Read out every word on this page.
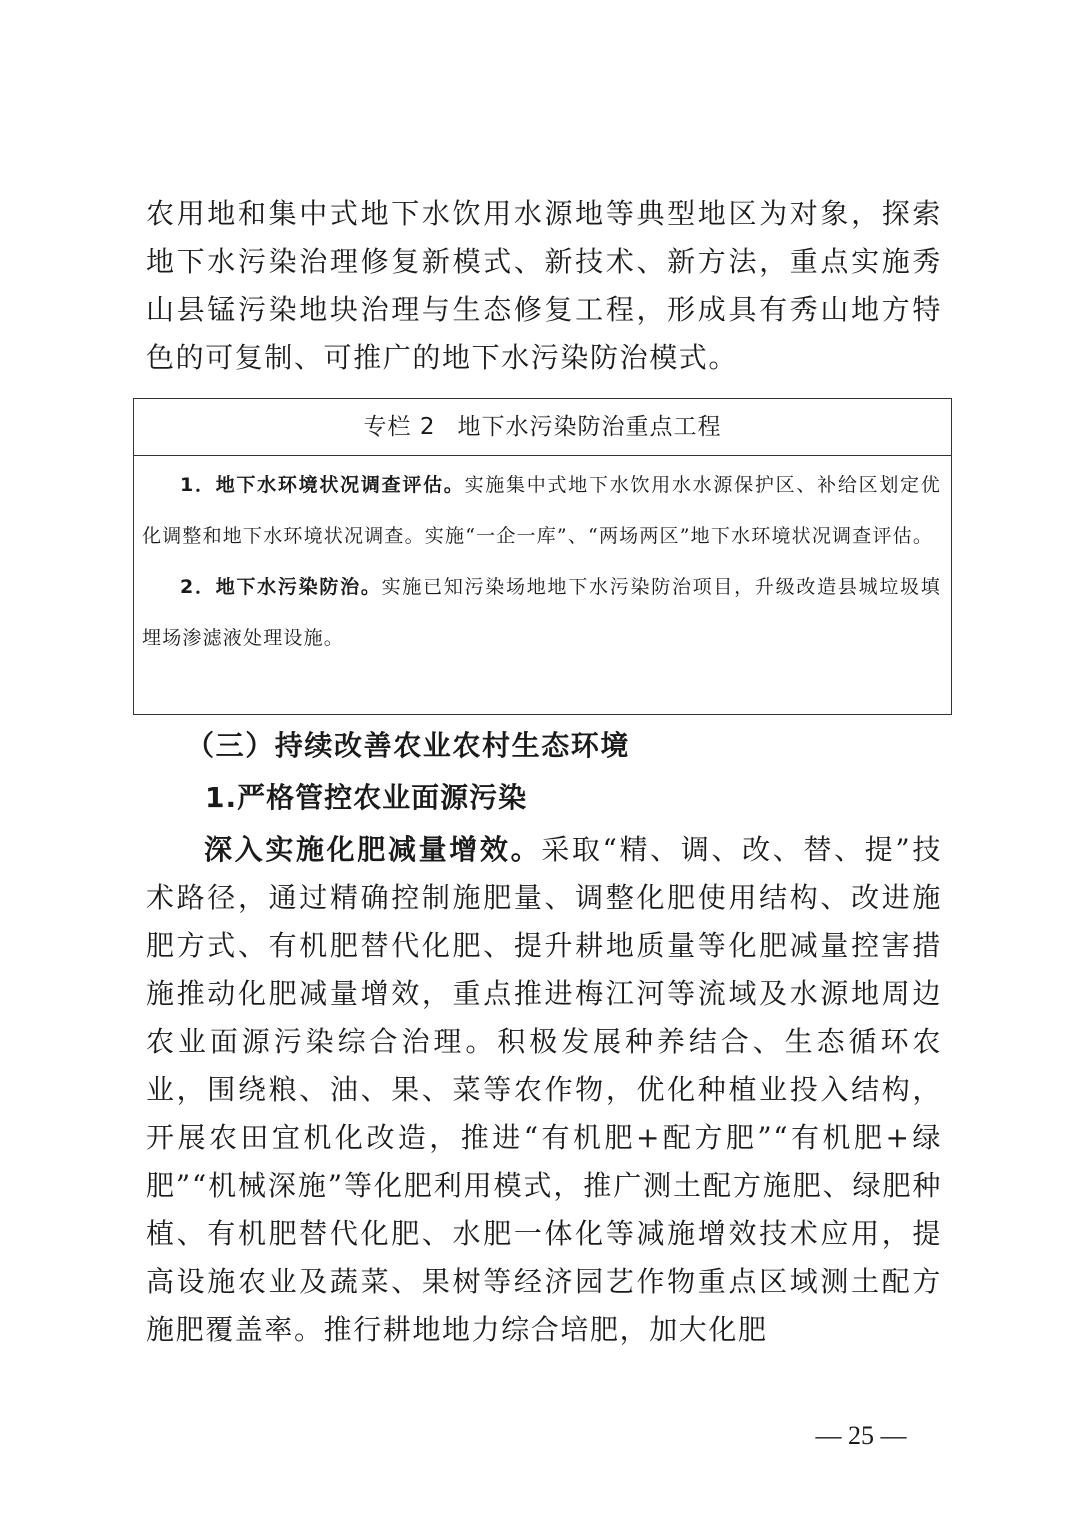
农用地和集中式地下水饮用水源地等典型地区为对象，探索地下水污染治理修复新模式、新技术、新方法，重点实施秀山县锰污染地块治理与生态修复工程，形成具有秀山地方特色的可复制、可推广的地下水污染防治模式。

专栏 2 地下水污染防治重点工程

1．地下水环境状况调查评估。实施集中式地下水饮用水水源保护区、补给区划定优化调整和地下水环境状况调查。实施“一企一库”、“两场两区”地下水环境状况调查评估。

2．地下水污染防治。实施已知污染场地地下水污染防治项目，升级改造县城垃圾填埋场渗滤液处理设施。

（三）持续改善农业农村生态环境
1.严格管控农业面源污染

深入实施化肥减量增效。采取“精、调、改、替、提”技术路径，通过精确控制施肥量、调整化肥使用结构、改进施肥方式、有机肥替代化肥、提升耕地质量等化肥减量控害措施推动化肥减量增效，重点推进梅江河等流域及水源地周边农业面源污染综合治理。积极发展种养结合、生态循环农业，围绕粮、油、果、菜等农作物，优化种植业投入结构，开展农田宜机化改造，推进“有机肥+配方肥”“有机肥+绿肥”“机械深施”等化肥利用模式，推广测土配方施肥、绿肥种植、有机肥替代化肥、水肥一体化等减施增效技术应用，提高设施农业及蔬菜、果树等经济园艺作物重点区域测土配方施肥覆盖率。推行耕地地力综合培肥，加大化肥

— 25 —
